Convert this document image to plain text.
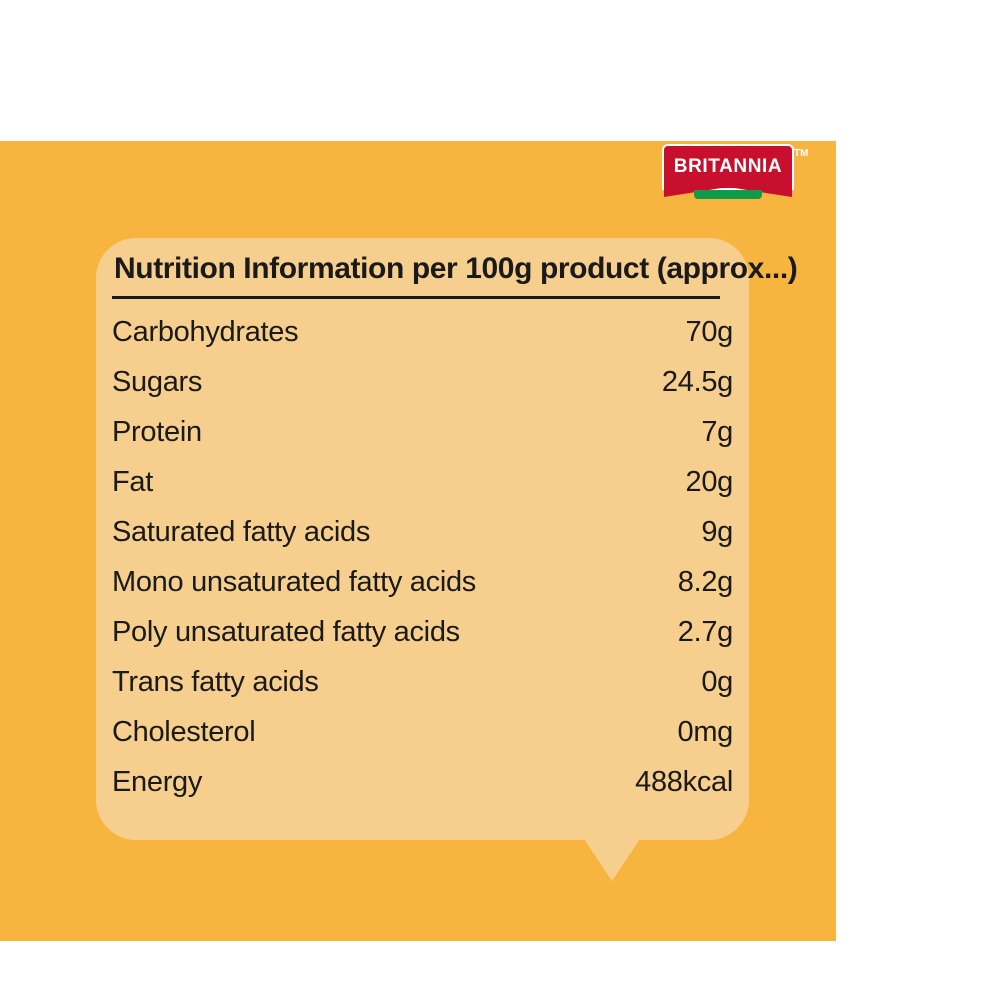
BRITANNIA
TM
Nutrition Information per 100g product (approx...)
Carbohydrates	70g
Sugars	24.5g
Protein	7g
Fat	20g
Saturated fatty acids	9g
Mono unsaturated fatty acids	8.2g
Poly unsaturated fatty acids	2.7g
Trans fatty acids	0g
Cholesterol	0mg
Energy	488kcal
